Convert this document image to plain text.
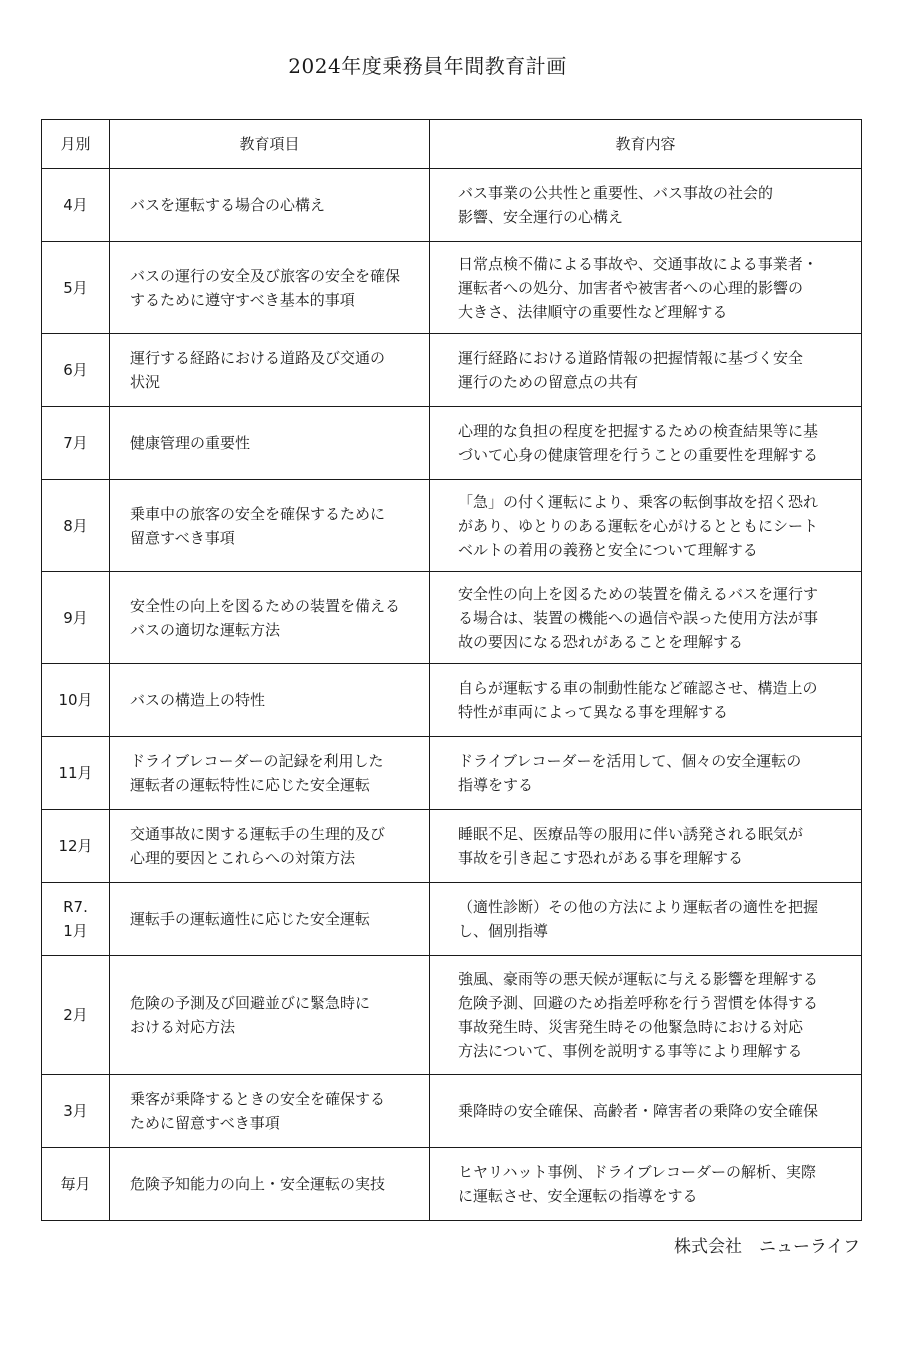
2024年度乗務員年間教育計画
月別	教育項目	教育内容

4月	バスを運転する場合の心構え	バス事業の公共性と重要性、バス事故の社会的
影響、安全運行の心構え

5月	バスの運行の安全及び旅客の安全を確保
するために遵守すべき基本的事項	日常点検不備による事故や、交通事故による事業者・
運転者への処分、加害者や被害者への心理的影響の
大きさ、法律順守の重要性など理解する

6月	運行する経路における道路及び交通の
状況	運行経路における道路情報の把握情報に基づく安全
運行のための留意点の共有

7月	健康管理の重要性	心理的な負担の程度を把握するための検査結果等に基
づいて心身の健康管理を行うことの重要性を理解する

8月	乗車中の旅客の安全を確保するために
留意すべき事項	「急」の付く運転により、乗客の転倒事故を招く恐れ
があり、ゆとりのある運転を心がけるとともにシート
ベルトの着用の義務と安全について理解する

9月	安全性の向上を図るための装置を備える
バスの適切な運転方法	安全性の向上を図るための装置を備えるバスを運行す
る場合は、装置の機能への過信や誤った使用方法が事
故の要因になる恐れがあることを理解する

10月	バスの構造上の特性	自らが運転する車の制動性能など確認させ、構造上の
特性が車両によって異なる事を理解する

11月	ドライブレコーダーの記録を利用した
運転者の運転特性に応じた安全運転	ドライブレコーダーを活用して、個々の安全運転の
指導をする

12月	交通事故に関する運転手の生理的及び
心理的要因とこれらへの対策方法	睡眠不足、医療品等の服用に伴い誘発される眠気が
事故を引き起こす恐れがある事を理解する

R7.
1月	運転手の運転適性に応じた安全運転	（適性診断）その他の方法により運転者の適性を把握
し、個別指導

2月	危険の予測及び回避並びに緊急時に
おける対応方法	強風、豪雨等の悪天候が運転に与える影響を理解する
危険予測、回避のため指差呼称を行う習慣を体得する
事故発生時、災害発生時その他緊急時における対応
方法について、事例を説明する事等により理解する

3月	乗客が乗降するときの安全を確保する
ために留意すべき事項	乗降時の安全確保、高齢者・障害者の乗降の安全確保

毎月	危険予知能力の向上・安全運転の実技	ヒヤリハット事例、ドライブレコーダーの解析、実際
に運転させ、安全運転の指導をする

株式会社　ニューライフ
